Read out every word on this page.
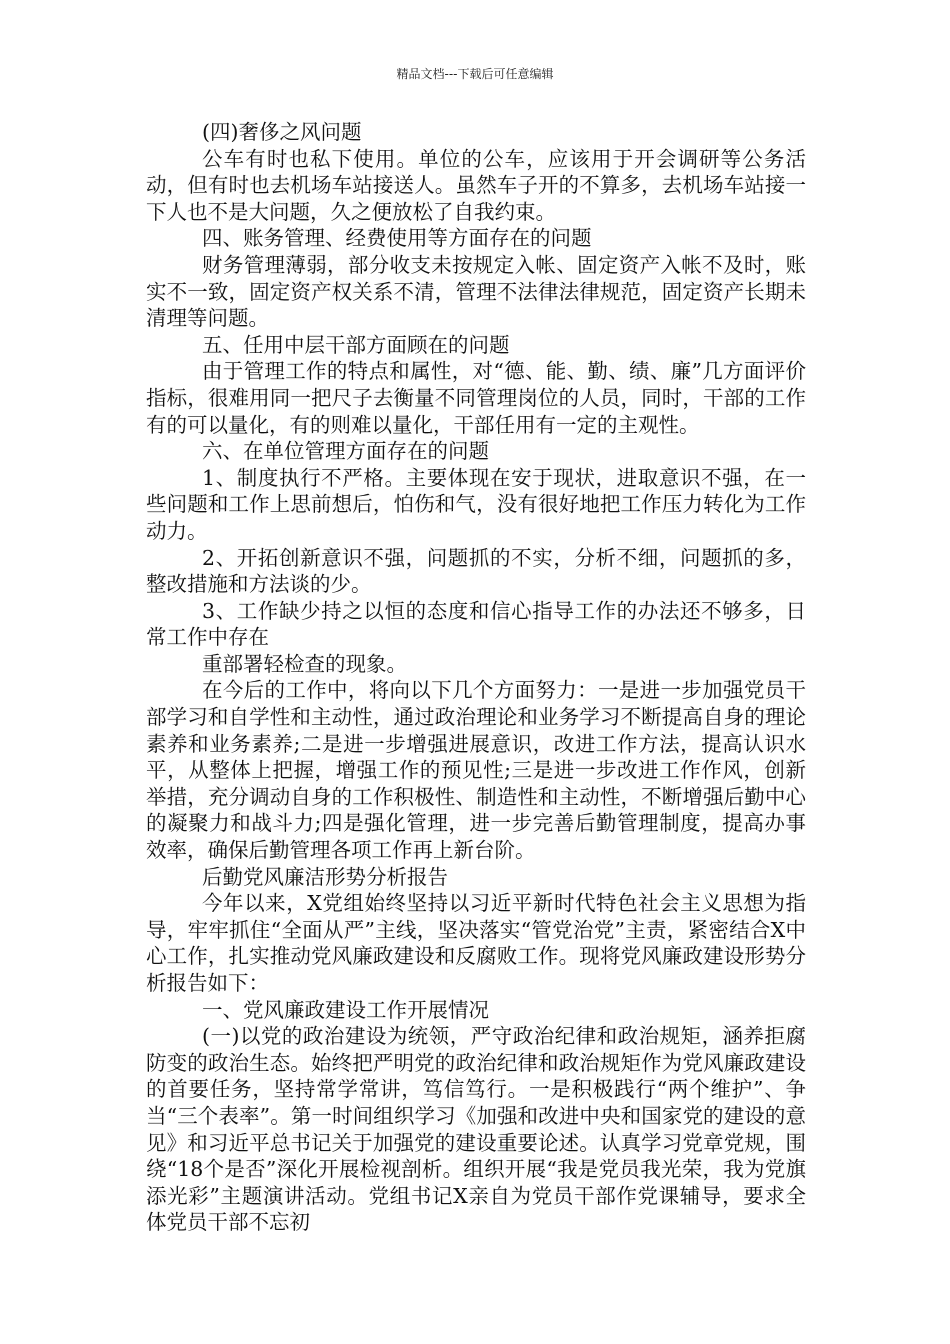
精品文档---下载后可任意编辑

(四)奢侈之风问题

公车有时也私下使用。单位的公车，应该用于开会调研等公务活动，但有时也去机场车站接送人。虽然车子开的不算多，去机场车站接一下人也不是大问题，久之便放松了自我约束。

四、账务管理、经费使用等方面存在的问题

财务管理薄弱，部分收支未按规定入帐、固定资产入帐不及时，账实不一致，固定资产权关系不清，管理不法律法律规范，固定资产长期未清理等问题。

五、任用中层干部方面顾在的问题

由于管理工作的特点和属性，对“德、能、勤、绩、廉”几方面评价指标，很难用同一把尺子去衡量不同管理岗位的人员，同时，干部的工作有的可以量化，有的则难以量化，干部任用有一定的主观性。

六、在单位管理方面存在的问题

1、制度执行不严格。主要体现在安于现状，进取意识不强，在一些问题和工作上思前想后，怕伤和气，没有很好地把工作压力转化为工作动力。

2、开拓创新意识不强，问题抓的不实，分析不细，问题抓的多，整改措施和方法谈的少。

3、工作缺少持之以恒的态度和信心指导工作的办法还不够多，日常工作中存在

重部署轻检查的现象。

在今后的工作中，将向以下几个方面努力：一是进一步加强党员干部学习和自学性和主动性，通过政治理论和业务学习不断提高自身的理论素养和业务素养;二是进一步增强进展意识，改进工作方法，提高认识水平，从整体上把握，增强工作的预见性;三是进一步改进工作作风，创新举措，充分调动自身的工作积极性、制造性和主动性，不断增强后勤中心的凝聚力和战斗力;四是强化管理，进一步完善后勤管理制度，提高办事效率，确保后勤管理各项工作再上新台阶。

后勤党风廉洁形势分析报告

今年以来，X党组始终坚持以习近平新时代特色社会主义思想为指导，牢牢抓住“全面从严”主线，坚决落实“管党治党”主责，紧密结合X中心工作，扎实推动党风廉政建设和反腐败工作。现将党风廉政建设形势分析报告如下：

一、党风廉政建设工作开展情况

(一)以党的政治建设为统领，严守政治纪律和政治规矩，涵养拒腐防变的政治生态。始终把严明党的政治纪律和政治规矩作为党风廉政建设的首要任务，坚持常学常讲，笃信笃行。一是积极践行“两个维护”、争当“三个表率”。第一时间组织学习《加强和改进中央和国家党的建设的意见》和习近平总书记关于加强党的建设重要论述。认真学习党章党规，围绕“18个是否”深化开展检视剖析。组织开展“我是党员我光荣，我为党旗添光彩”主题演讲活动。党组书记X亲自为党员干部作党课辅导，要求全体党员干部不忘初
